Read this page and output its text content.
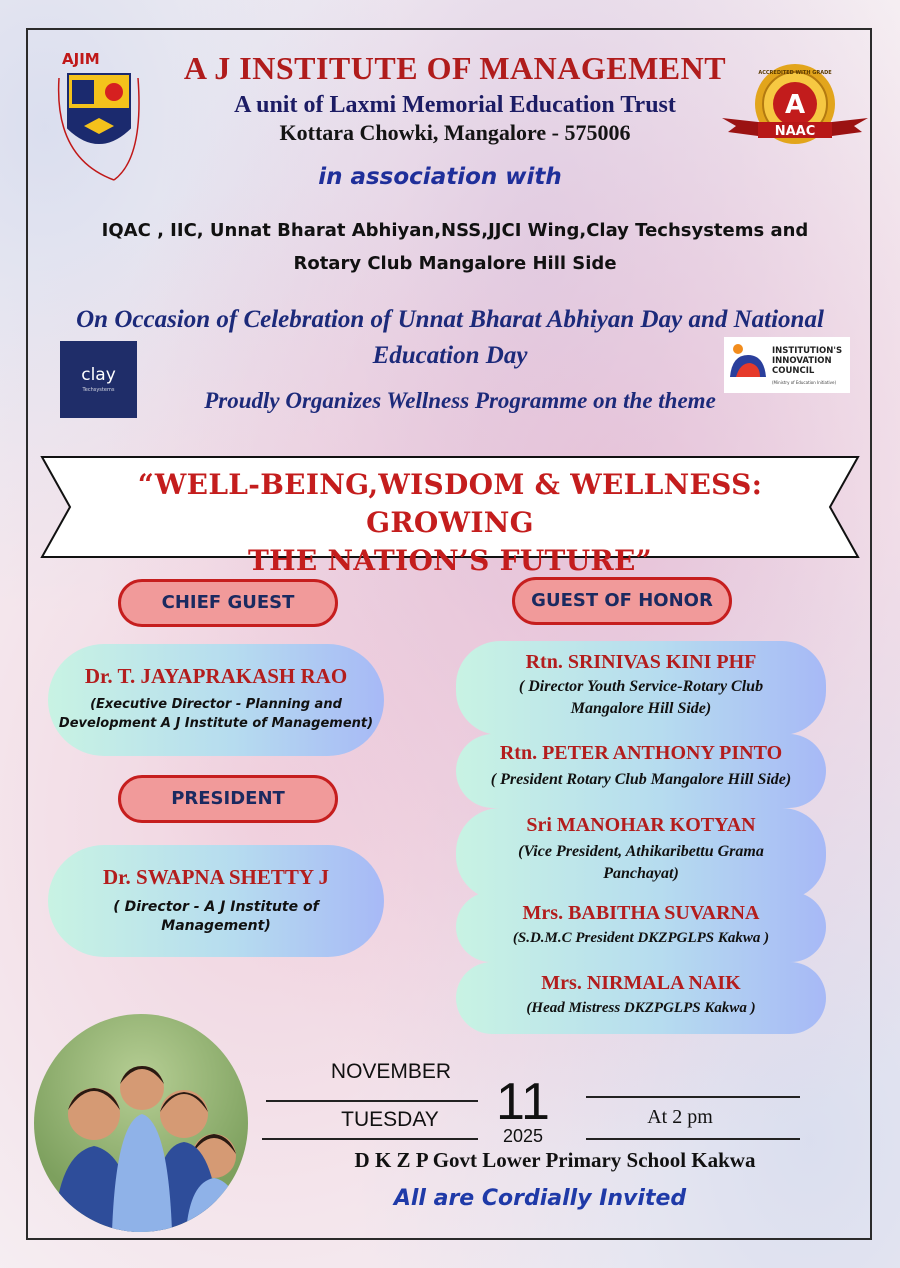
AJIM
A
ACCREDITED WITH GRADE
NAAC
A J INSTITUTE OF MANAGEMENT
A unit of Laxmi Memorial Education Trust
Kottara Chowki, Mangalore - 575006
in association with
IQAC , IIC, Unnat Bharat Abhiyan,NSS,JJCI Wing,Clay Techsystems and
Rotary Club Mangalore Hill Side
On Occasion of Celebration of Unnat Bharat Abhiyan Day and National
Education Day
Proudly Organizes Wellness Programme on the theme
clay
Techsystems
INSTITUTION'S
INNOVATION
COUNCIL
(Ministry of Education Initiative)
“WELL-BEING,WISDOM & WELLNESS: GROWING
THE NATION’S FUTURE”
CHIEF GUEST	GUEST OF HONOR
PRESIDENT
Dr. T. JAYAPRAKASH RAO
(Executive Director - Planning and
Development A J Institute of Management)
Dr. SWAPNA SHETTY J
( Director - A J Institute of
Management)
Rtn. SRINIVAS KINI PHF
( Director Youth Service-Rotary Club
Mangalore Hill Side)
Rtn. PETER ANTHONY PINTO
( President Rotary Club Mangalore Hill Side)
Sri MANOHAR KOTYAN
(Vice President, Athikaribettu Grama
Panchayat)
Mrs. BABITHA SUVARNA
(S.D.M.C President DKZPGLPS Kakwa )
Mrs. NIRMALA NAIK
(Head Mistress DKZPGLPS Kakwa )
NOVEMBER
TUESDAY	11
2025
At 2 pm
D K Z P Govt Lower Primary School Kakwa
All are Cordially Invited
